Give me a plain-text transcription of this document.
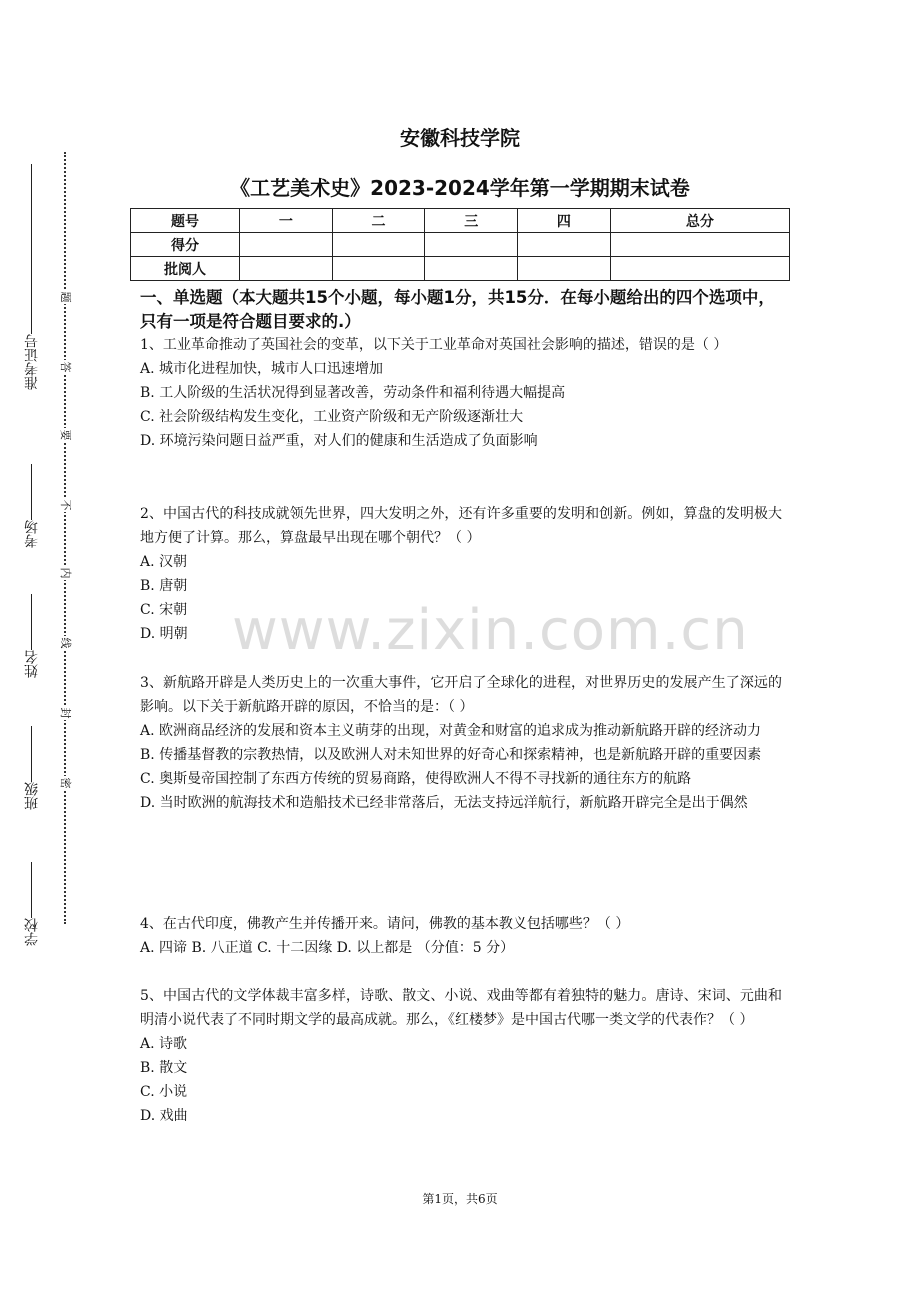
学校
班级
姓名
考场
准考证号
密
封
线
内
不
要
答
题
安徽科技学院
《工艺美术史》2023-2024学年第一学期期末试卷
题号	一	二	三	四	总分
得分					
批阅人					
一、单选题（本大题共15个小题，每小题1分，共15分．在每小题给出的四个选项中，只有一项是符合题目要求的.）

1、工业革命推动了英国社会的变革，以下关于工业革命对英国社会影响的描述，错误的是（ ）

A. 城市化进程加快，城市人口迅速增加

B. 工人阶级的生活状况得到显著改善，劳动条件和福利待遇大幅提高

C. 社会阶级结构发生变化，工业资产阶级和无产阶级逐渐壮大

D. 环境污染问题日益严重，对人们的健康和生活造成了负面影响

2、中国古代的科技成就领先世界，四大发明之外，还有许多重要的发明和创新。例如，算盘的发明极大地方便了计算。那么，算盘最早出现在哪个朝代？（ ）

A. 汉朝

B. 唐朝

C. 宋朝

D. 明朝

3、新航路开辟是人类历史上的一次重大事件，它开启了全球化的进程，对世界历史的发展产生了深远的影响。以下关于新航路开辟的原因，不恰当的是：（ ）

A. 欧洲商品经济的发展和资本主义萌芽的出现，对黄金和财富的追求成为推动新航路开辟的经济动力

B. 传播基督教的宗教热情，以及欧洲人对未知世界的好奇心和探索精神，也是新航路开辟的重要因素

C. 奥斯曼帝国控制了东西方传统的贸易商路，使得欧洲人不得不寻找新的通往东方的航路

D. 当时欧洲的航海技术和造船技术已经非常落后，无法支持远洋航行，新航路开辟完全是出于偶然

4、在古代印度，佛教产生并传播开来。请问，佛教的基本教义包括哪些？（ ）

A. 四谛 B. 八正道 C. 十二因缘 D. 以上都是 （分值：5 分）

5、中国古代的文学体裁丰富多样，诗歌、散文、小说、戏曲等都有着独特的魅力。唐诗、宋词、元曲和明清小说代表了不同时期文学的最高成就。那么，《红楼梦》是中国古代哪一类文学的代表作？（ ）

A. 诗歌

B. 散文

C. 小说

D. 戏曲

www.zixin.com.cn
第1页，共6页
